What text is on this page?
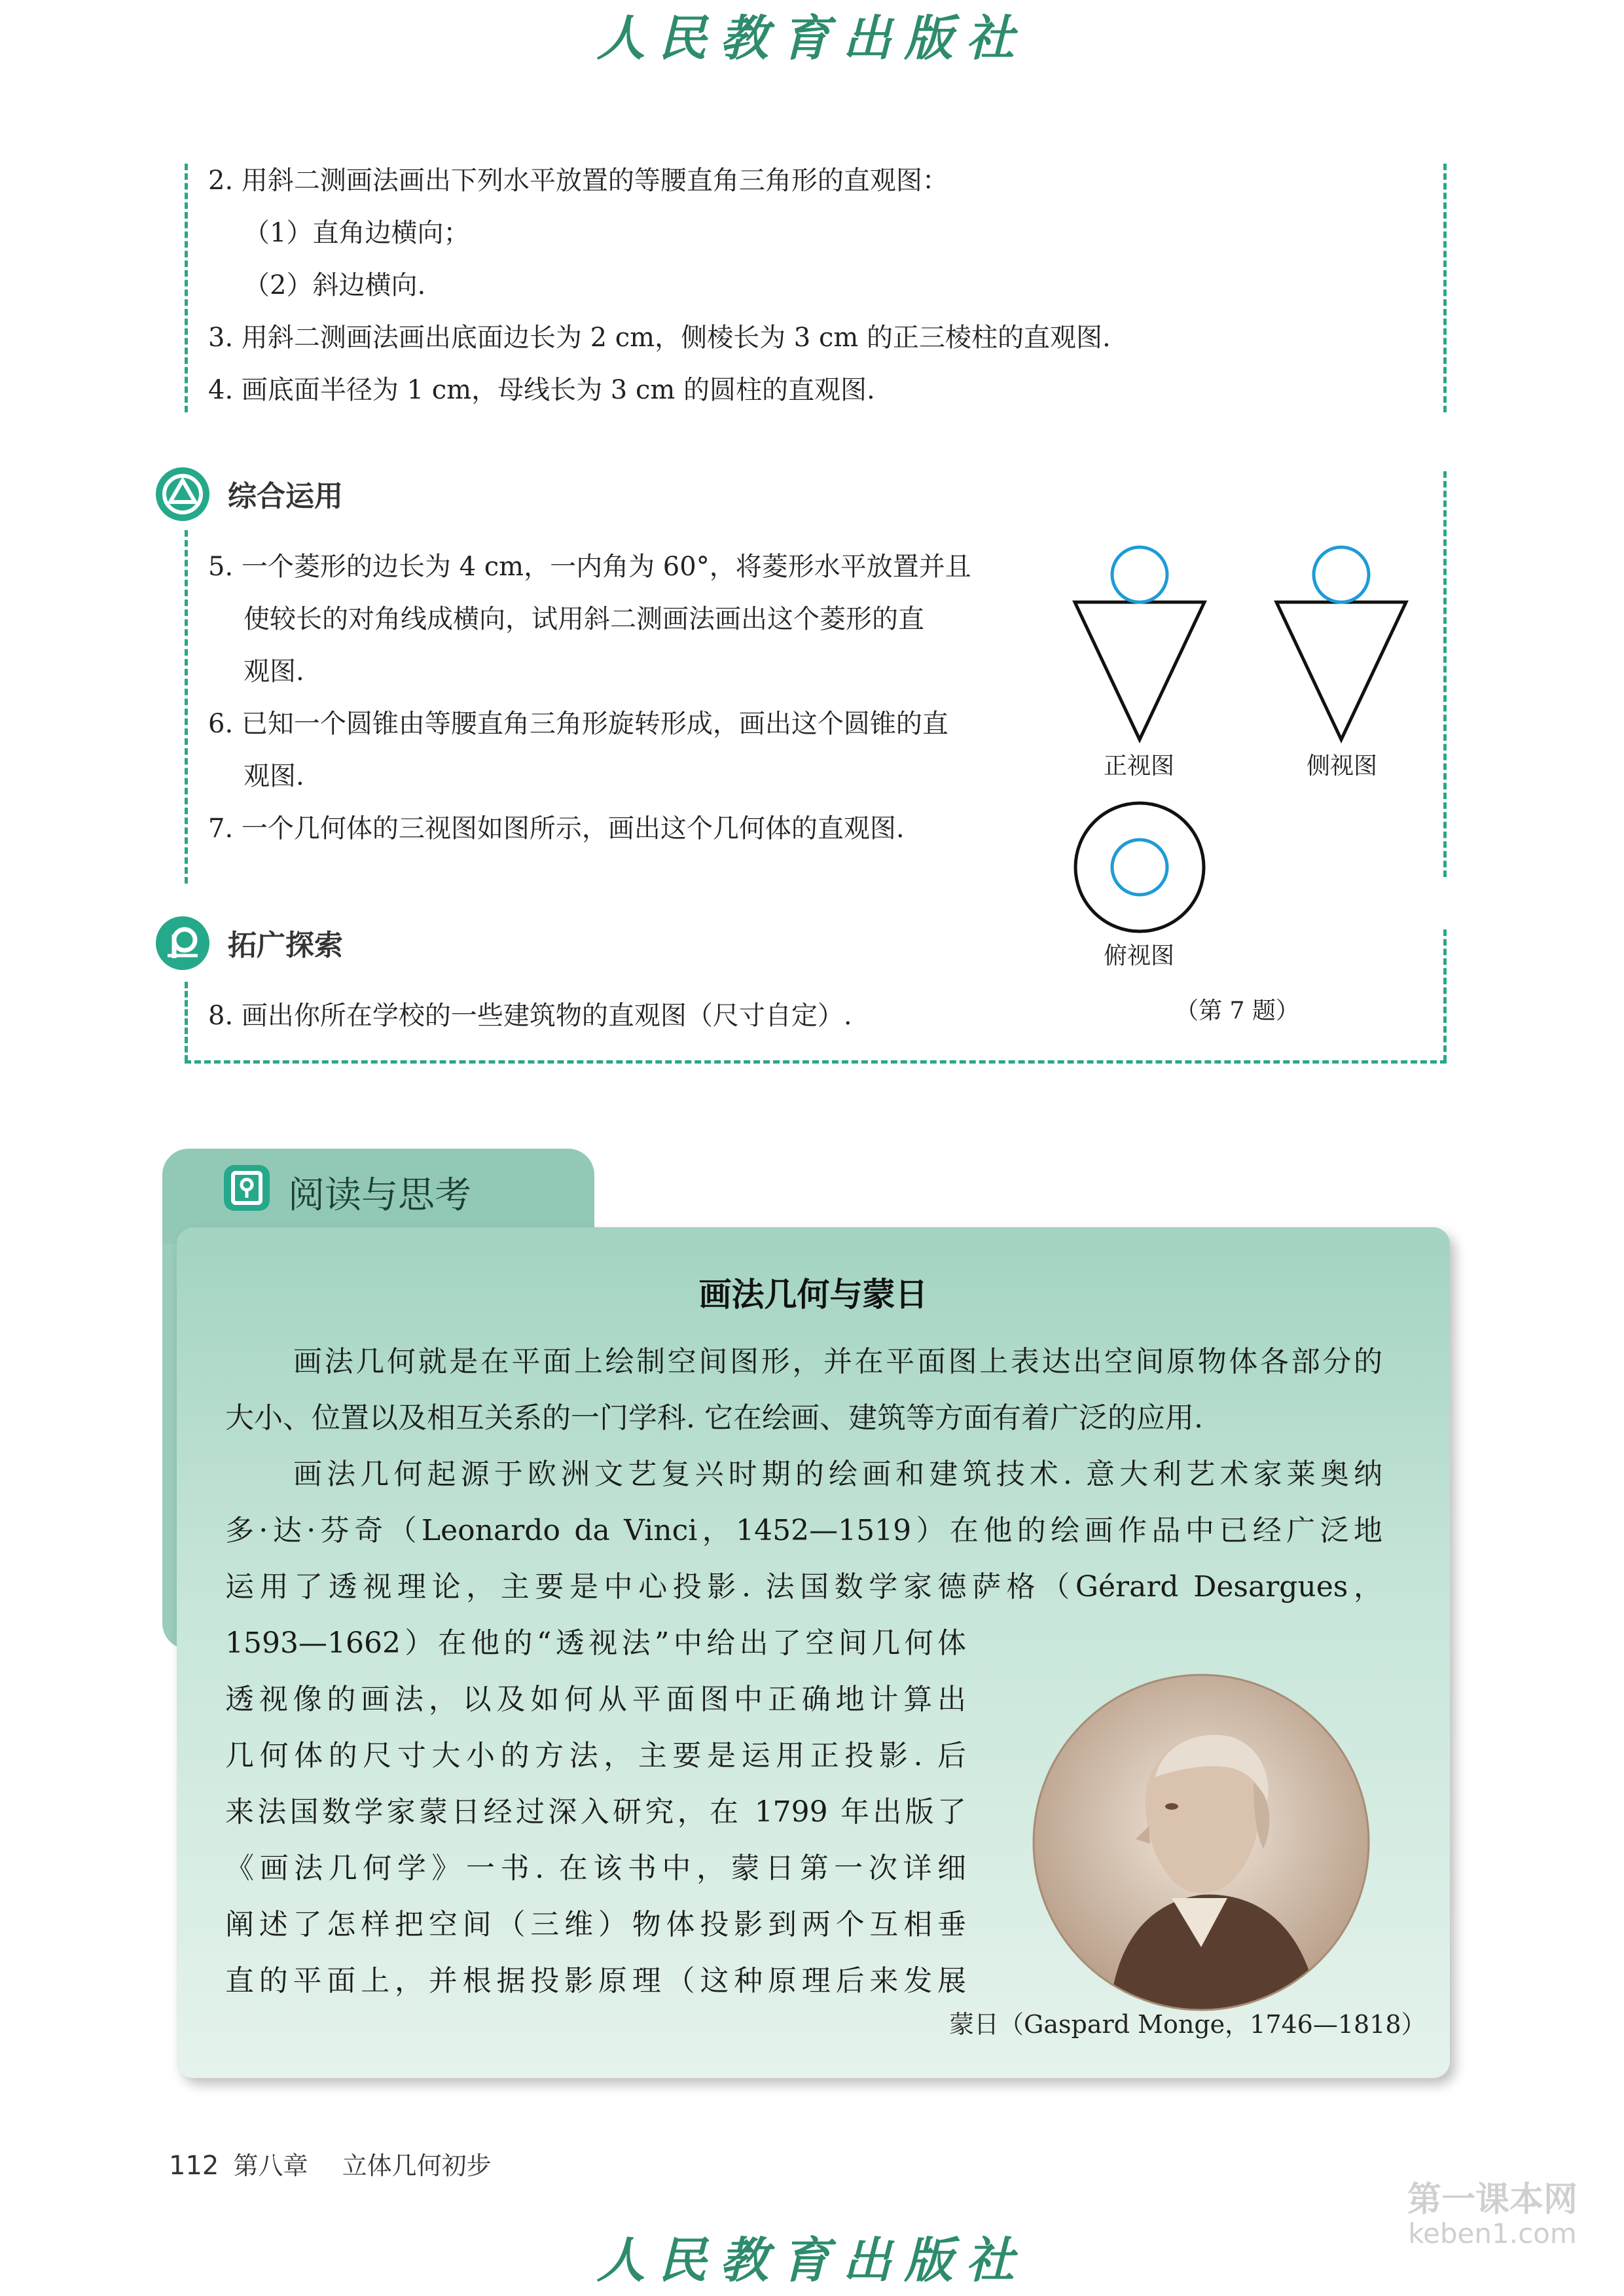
人民教育出版社
2. 用斜二测画法画出下列水平放置的等腰直角三角形的直观图：
（1）直角边横向；
（2）斜边横向.
3. 用斜二测画法画出底面边长为 2 cm，侧棱长为 3 cm 的正三棱柱的直观图.
4. 画底面半径为 1 cm，母线长为 3 cm 的圆柱的直观图.
综合运用
5. 一个菱形的边长为 4 cm，一内角为 60°，将菱形水平放置并且
使较长的对角线成横向，试用斜二测画法画出这个菱形的直
观图.
6. 已知一个圆锥由等腰直角三角形旋转形成，画出这个圆锥的直
观图.
7. 一个几何体的三视图如图所示，画出这个几何体的直观图.
正视图	侧视图
俯视图
（第 7 题）
拓广探索
8. 画出你所在学校的一些建筑物的直观图（尺寸自定）.
阅读与思考
画法几何与蒙日
画法几何就是在平面上绘制空间图形，并在平面图上表达出空间原物体各部分的
大小、位置以及相互关系的一门学科. 它在绘画、建筑等方面有着广泛的应用.
画法几何起源于欧洲文艺复兴时期的绘画和建筑技术. 意大利艺术家莱奥纳
多·达·芬奇（Leonardo da Vinci，1452—1519）在他的绘画作品中已经广泛地
运用了透视理论，主要是中心投影. 法国数学家德萨格（Gérard Desargues，
1593—1662）在他的“透视法”中给出了空间几何体
透视像的画法，以及如何从平面图中正确地计算出
几何体的尺寸大小的方法，主要是运用正投影. 后
来法国数学家蒙日经过深入研究，在 1799 年出版了
《画法几何学》一书. 在该书中，蒙日第一次详细
阐述了怎样把空间（三维）物体投影到两个互相垂
直的平面上，并根据投影原理（这种原理后来发展
蒙日（Gaspard Monge，1746—1818）
112 第八章 立体几何初步
第一课本网
keben1.com
人民教育出版社
